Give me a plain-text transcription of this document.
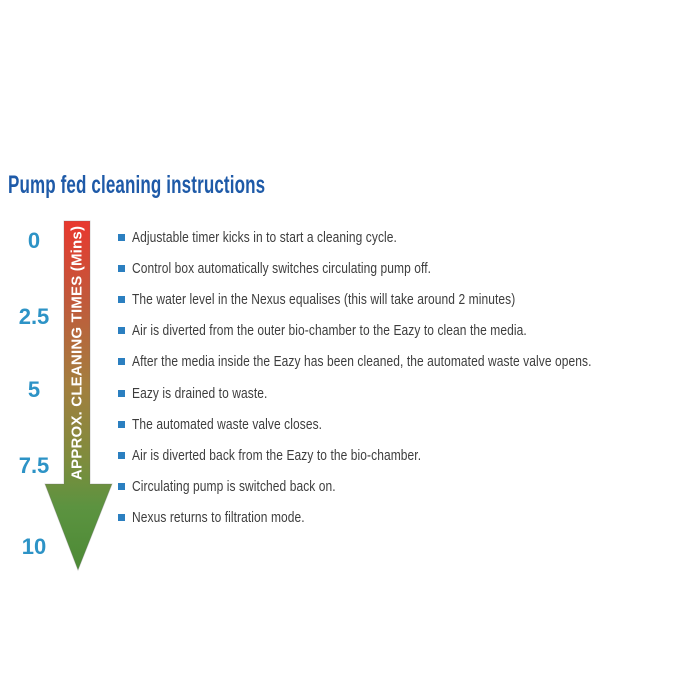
Pump fed cleaning instructions
APPROX. CLEANING TIMES (Mins)
0
2.5
5
7.5
10
Adjustable timer kicks in to start a cleaning cycle.
Control box automatically switches circulating pump off.
The water level in the Nexus equalises (this will take around 2 minutes)
Air is diverted from the outer bio-chamber to the Eazy to clean the media.
After the media inside the Eazy has been cleaned, the automated waste valve opens.
Eazy is drained to waste.
The automated waste valve closes.
Air is diverted back from the Eazy to the bio-chamber.
Circulating pump is switched back on.
Nexus returns to filtration mode.
